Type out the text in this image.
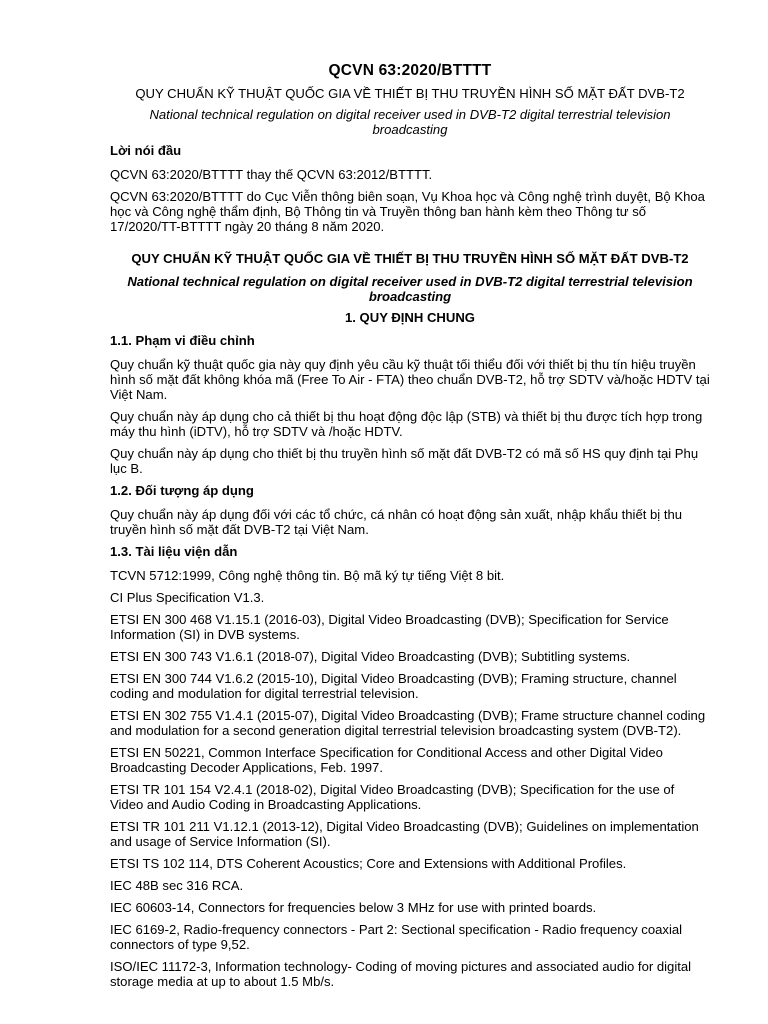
QCVN 63:2020/BTTTT
QUY CHUẨN KỸ THUẬT QUỐC GIA VỀ THIẾT BỊ THU TRUYỀN HÌNH SỐ MẶT ĐẤT DVB-T2
National technical regulation on digital receiver used in DVB-T2 digital terrestrial television broadcasting
Lời nói đầu
QCVN 63:2020/BTTTT thay thế QCVN 63:2012/BTTTT.
QCVN 63:2020/BTTTT do Cục Viễn thông biên soạn, Vụ Khoa học và Công nghệ trình duyệt, Bộ Khoa học và Công nghệ thẩm định, Bộ Thông tin và Truyền thông ban hành kèm theo Thông tư số 17/2020/TT-BTTTT ngày 20 tháng 8 năm 2020.
QUY CHUẨN KỸ THUẬT QUỐC GIA VỀ THIẾT BỊ THU TRUYỀN HÌNH SỐ MẶT ĐẤT DVB-T2
National technical regulation on digital receiver used in DVB-T2 digital terrestrial television broadcasting
1. QUY ĐỊNH CHUNG
1.1. Phạm vi điều chỉnh
Quy chuẩn kỹ thuật quốc gia này quy định yêu cầu kỹ thuật tối thiểu đối với thiết bị thu tín hiệu truyền hình số mặt đất không khóa mã (Free To Air - FTA) theo chuẩn DVB-T2, hỗ trợ SDTV và/hoặc HDTV tại Việt Nam.
Quy chuẩn này áp dụng cho cả thiết bị thu hoạt động độc lập (STB) và thiết bị thu được tích hợp trong máy thu hình (iDTV), hỗ trợ SDTV và /hoặc HDTV.
Quy chuẩn này áp dụng cho thiết bị thu truyền hình số mặt đất DVB-T2 có mã số HS quy định tại Phụ lục B.
1.2. Đối tượng áp dụng
Quy chuẩn này áp dụng đối với các tổ chức, cá nhân có hoạt động sản xuất, nhập khẩu thiết bị thu truyền hình số mặt đất DVB-T2 tại Việt Nam.
1.3. Tài liệu viện dẫn
TCVN 5712:1999, Công nghệ thông tin. Bộ mã ký tự tiếng Việt 8 bit.
CI Plus Specification V1.3.
ETSI EN 300 468 V1.15.1 (2016-03), Digital Video Broadcasting (DVB); Specification for Service Information (SI) in DVB systems.
ETSI EN 300 743 V1.6.1 (2018-07), Digital Video Broadcasting (DVB); Subtitling systems.
ETSI EN 300 744 V1.6.2 (2015-10), Digital Video Broadcasting (DVB); Framing structure, channel coding and modulation for digital terrestrial television.
ETSI EN 302 755 V1.4.1 (2015-07), Digital Video Broadcasting (DVB); Frame structure channel coding and modulation for a second generation digital terrestrial television broadcasting system (DVB-T2).
ETSI EN 50221, Common Interface Specification for Conditional Access and other Digital Video Broadcasting Decoder Applications, Feb. 1997.
ETSI TR 101 154 V2.4.1 (2018-02), Digital Video Broadcasting (DVB); Specification for the use of Video and Audio Coding in Broadcasting Applications.
ETSI TR 101 211 V1.12.1 (2013-12), Digital Video Broadcasting (DVB); Guidelines on implementation and usage of Service Information (SI).
ETSI TS 102 114, DTS Coherent Acoustics; Core and Extensions with Additional Profiles.
IEC 48B sec 316 RCA.
IEC 60603-14, Connectors for frequencies below 3 MHz for use with printed boards.
IEC 6169-2, Radio-frequency connectors - Part 2: Sectional specification - Radio frequency coaxial connectors of type 9,52.
ISO/IEC 11172-3, Information technology- Coding of moving pictures and associated audio for digital storage media at up to about 1.5 Mb/s.
